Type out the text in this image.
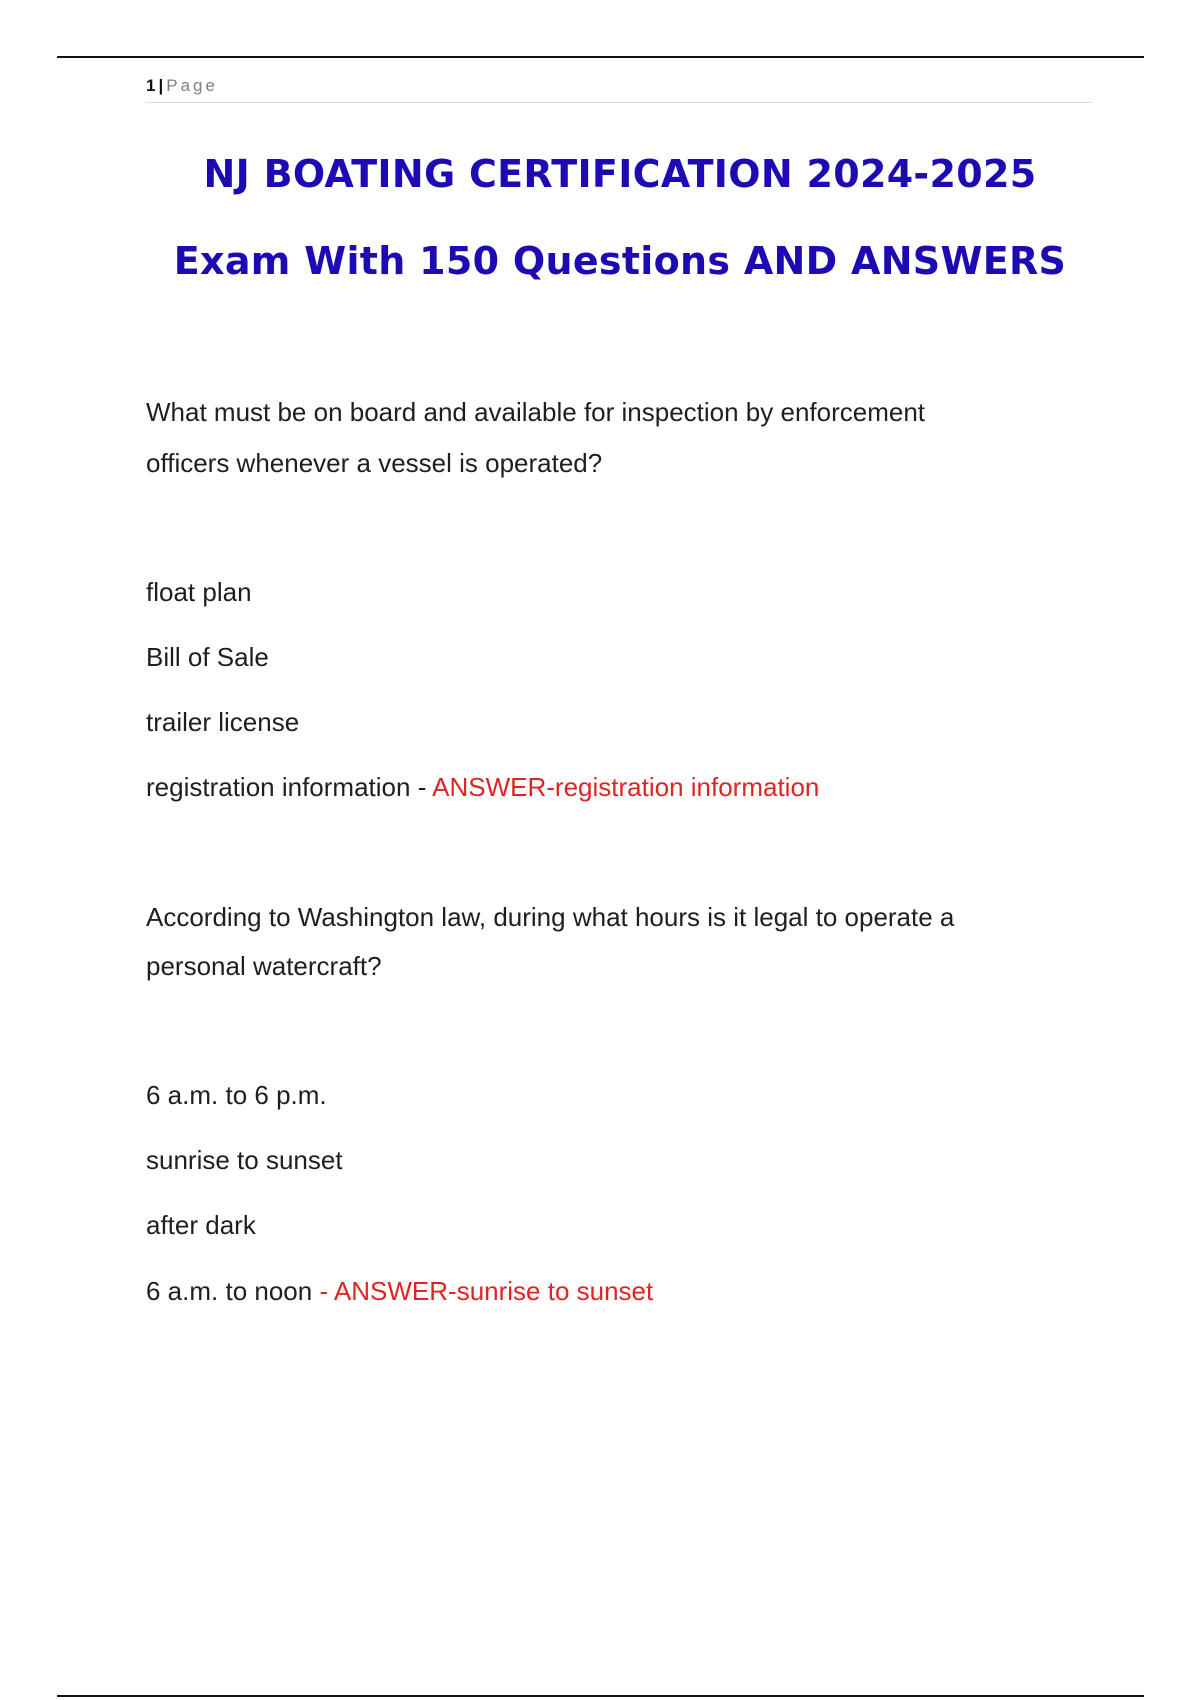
1 | Page
NJ BOATING CERTIFICATION 2024-2025
Exam With 150 Questions AND ANSWERS
What must be on board and available for inspection by enforcement
officers whenever a vessel is operated?
float plan
Bill of Sale
trailer license
registration information - ANSWER-registration information
According to Washington law, during what hours is it legal to operate a
personal watercraft?
6 a.m. to 6 p.m.
sunrise to sunset
after dark
6 a.m. to noon - ANSWER-sunrise to sunset
